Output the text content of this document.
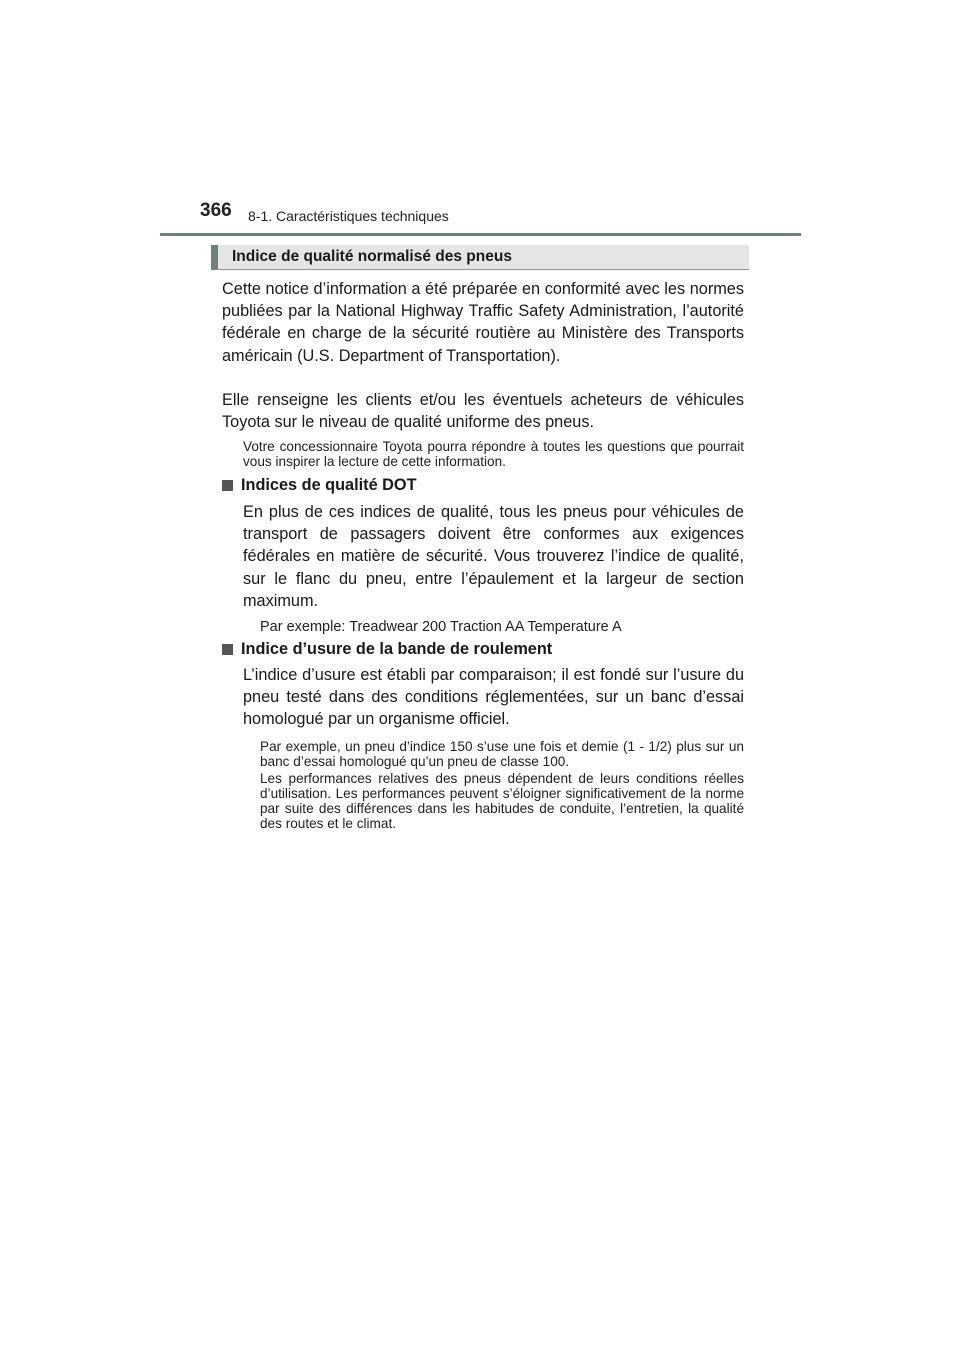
366 8-1. Caractéristiques techniques
Indice de qualité normalisé des pneus

Cette notice d’information a été préparée en conformité avec les normes publiées par la National Highway Traffic Safety Administration, l’autorité fédérale en charge de la sécurité routière au Ministère des Transports américain (U.S. Department of Transportation).

Elle renseigne les clients et/ou les éventuels acheteurs de véhicules Toyota sur le niveau de qualité uniforme des pneus.

Votre concessionnaire Toyota pourra répondre à toutes les questions que pourrait vous inspirer la lecture de cette information.

Indices de qualité DOT

En plus de ces indices de qualité, tous les pneus pour véhicules de transport de passagers doivent être conformes aux exigences fédérales en matière de sécurité. Vous trouverez l’indice de qualité, sur le flanc du pneu, entre l’épaulement et la largeur de section maximum.

Par exemple: Treadwear 200 Traction AA Temperature A

Indice d’usure de la bande de roulement

L’indice d’usure est établi par comparaison; il est fondé sur l’usure du pneu testé dans des conditions réglementées, sur un banc d’essai homologué par un organisme officiel.

Par exemple, un pneu d’indice 150 s’use une fois et demie (1 - 1/2) plus sur un banc d’essai homologué qu’un pneu de classe 100.

Les performances relatives des pneus dépendent de leurs conditions réelles d’utilisation. Les performances peuvent s’éloigner significativement de la norme par suite des différences dans les habitudes de conduite, l’entretien, la qualité des routes et le climat.
